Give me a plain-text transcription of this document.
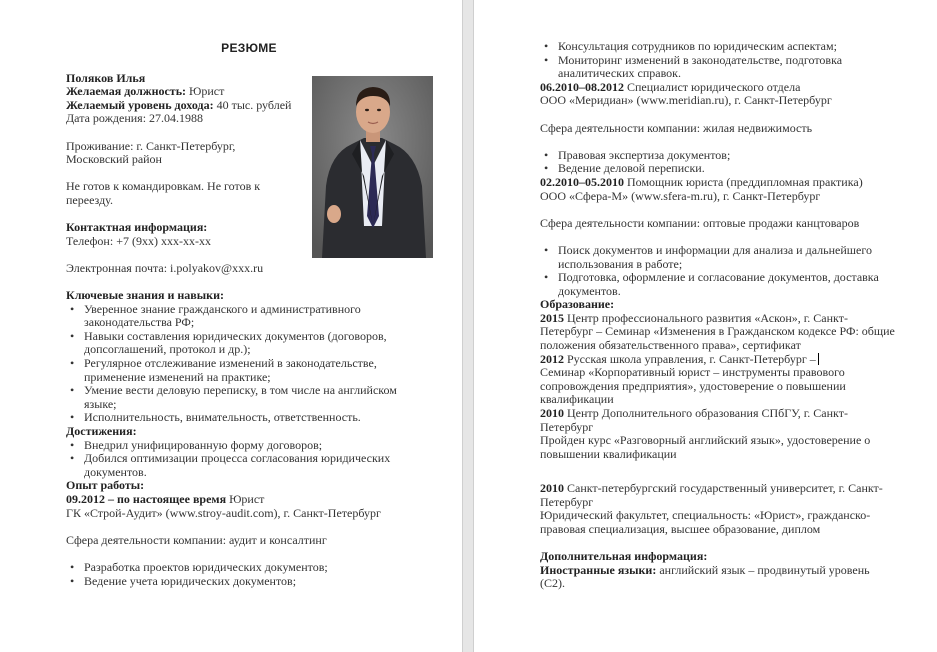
РЕЗЮМЕ

Поляков Илья

Желаемая должность: Юрист

Желаемый уровень дохода: 40 тыс. рублей

Дата рождения: 27.04.1988

Проживание: г. Санкт-Петербург,

Московский район

Не готов к командировкам. Не готов к

переезду.

Контактная информация:

Телефон: +7 (9хх) ххх-хх-хх

Электронная почта: i.polyakov@xxx.ru

Ключевые знания и навыки:

• Уверенное знание гражданского и административного законодательства РФ;
• Навыки составления юридических документов (договоров, допсоглашений, протокол и др.);
• Регулярное отслеживание изменений в законодательстве, применение изменений на практике;
• Умение вести деловую переписку, в том числе на английском языке;
• Исполнительность, внимательность, ответственность.

Достижения:

• Внедрил унифицированную форму договоров;
• Добился оптимизации процесса согласования юридических документов.

Опыт работы:

09.2012 – по настоящее время Юрист

ГК «Строй-Аудит» (www.stroy-audit.com), г. Санкт-Петербург

Сфера деятельности компании: аудит и консалтинг

• Разработка проектов юридических документов;
• Ведение учета юридических документов;
• Консультация сотрудников по юридическим аспектам;
• Мониторинг изменений в законодательстве, подготовка аналитических справок.

06.2010–08.2012 Специалист юридического отдела

ООО «Меридиан» (www.meridian.ru), г. Санкт-Петербург

Сфера деятельности компании: жилая недвижимость

• Правовая экспертиза документов;
• Ведение деловой переписки.

02.2010–05.2010 Помощник юриста (преддипломная практика)

ООО «Сфера-М» (www.sfera-m.ru), г. Санкт-Петербург

Сфера деятельности компании: оптовые продажи канцтоваров

• Поиск документов и информации для анализа и дальнейшего использования в работе;
• Подготовка, оформление и согласование документов, доставка документов.

Образование:

2015 Центр профессионального развития «Аскон», г. Санкт-Петербург – Семинар «Изменения в Гражданском кодексе РФ: общие положения обязательственного права», сертификат

2012 Русская школа управления, г. Санкт-Петербург –

Семинар «Корпоративный юрист – инструменты правового сопровождения предприятия», удостоверение о повышении квалификации

2010 Центр Дополнительного образования СПбГУ, г. Санкт-Петербург

Пройден курс «Разговорный английский язык», удостоверение о повышении квалификации

2010 Санкт-петербургский государственный университет, г. Санкт-Петербург

Юридический факультет, специальность: «Юрист», гражданско-правовая специализация, высшее образование, диплом

Дополнительная информация:

Иностранные языки: английский язык – продвинутый уровень (С2).
